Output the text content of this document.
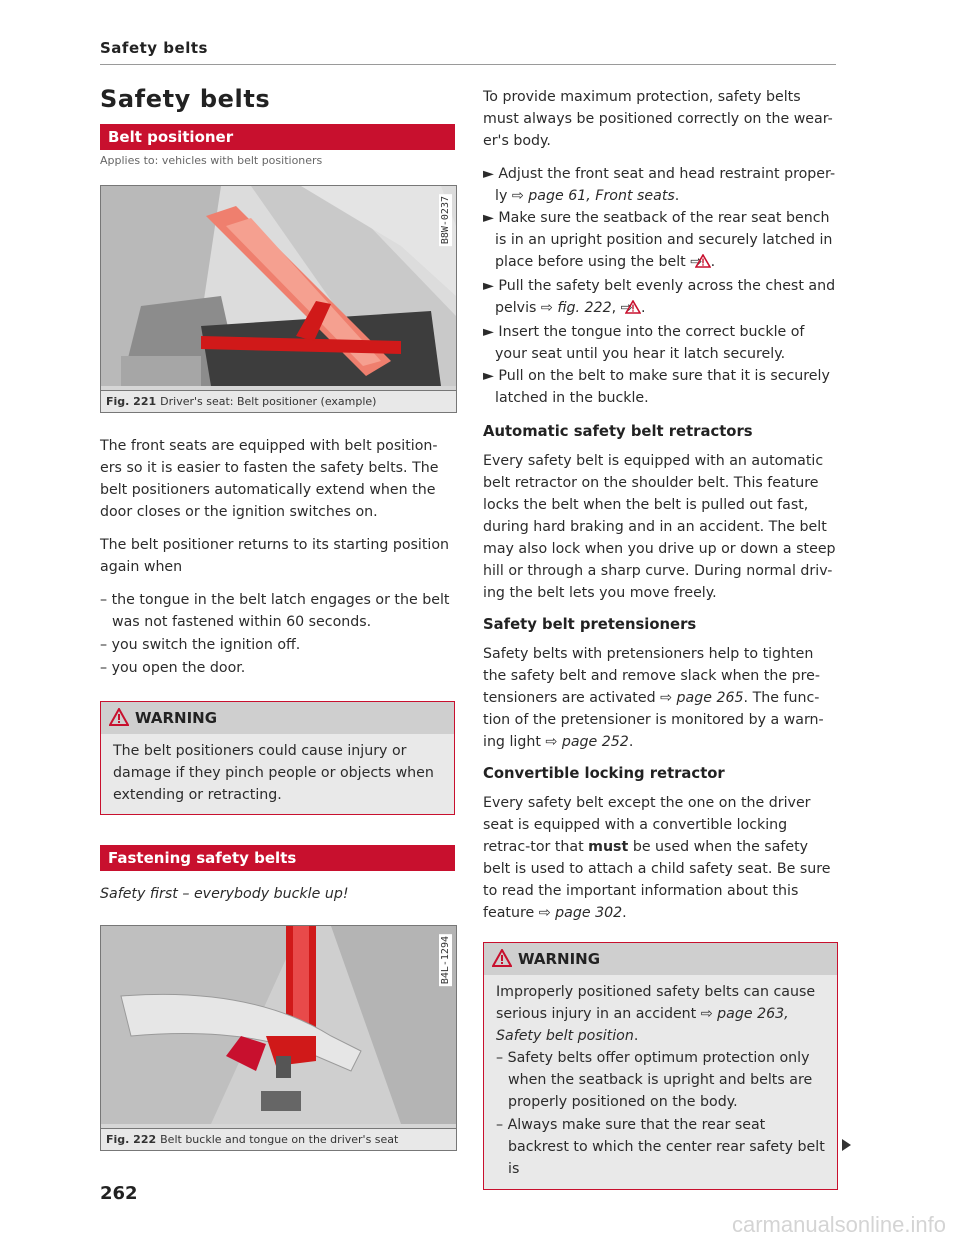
Safety belts
Safety belts
Belt positioner
Applies to: vehicles with belt positioners
B8W-0237
Fig. 221 Driver's seat: Belt positioner (example)

The front seats are equipped with belt position-ers so it is easier to fasten the safety belts. The belt positioners automatically extend when the door closes or the ignition switches on.

The belt positioner returns to its starting position again when

– the tongue in the belt latch engages or the belt was not fastened within 60 seconds.
– you switch the ignition off.
– you open the door.
WARNING
The belt positioners could cause injury or damage if they pinch people or objects when extending or retracting.
Fastening safety belts

Safety first – everybody buckle up!

B4L-1294
Fig. 222 Belt buckle and tongue on the driver's seat

To provide maximum protection, safety belts must always be positioned correctly on the wear-er's body.

► Adjust the front seat and head restraint proper-ly ⇨ page 61, Front seats.

► Make sure the seatback of the rear seat bench is in an upright position and securely latched in place before using the belt ⇨ .

► Pull the safety belt evenly across the chest and pelvis ⇨ fig. 222, ⇨ .

► Insert the tongue into the correct buckle of your seat until you hear it latch securely.

► Pull on the belt to make sure that it is securely latched in the buckle.

Automatic safety belt retractors

Every safety belt is equipped with an automatic belt retractor on the shoulder belt. This feature locks the belt when the belt is pulled out fast, during hard braking and in an accident. The belt may also lock when you drive up or down a steep hill or through a sharp curve. During normal driv-ing the belt lets you move freely.

Safety belt pretensioners

Safety belts with pretensioners help to tighten the safety belt and remove slack when the pre-tensioners are activated ⇨ page 265. The func-tion of the pretensioner is monitored by a warn-ing light ⇨ page 252.

Convertible locking retractor

Every safety belt except the one on the driver seat is equipped with a convertible locking retrac-tor that must be used when the safety belt is used to attach a child safety seat. Be sure to read the important information about this feature ⇨ page 302.

WARNING
Improperly positioned safety belts can cause serious injury in an accident ⇨ page 263, Safety belt position.
– Safety belts offer optimum protection only when the seatback is upright and belts are properly positioned on the body.
– Always make sure that the rear seat backrest to which the center rear safety belt is
262
carmanualsonline.info
